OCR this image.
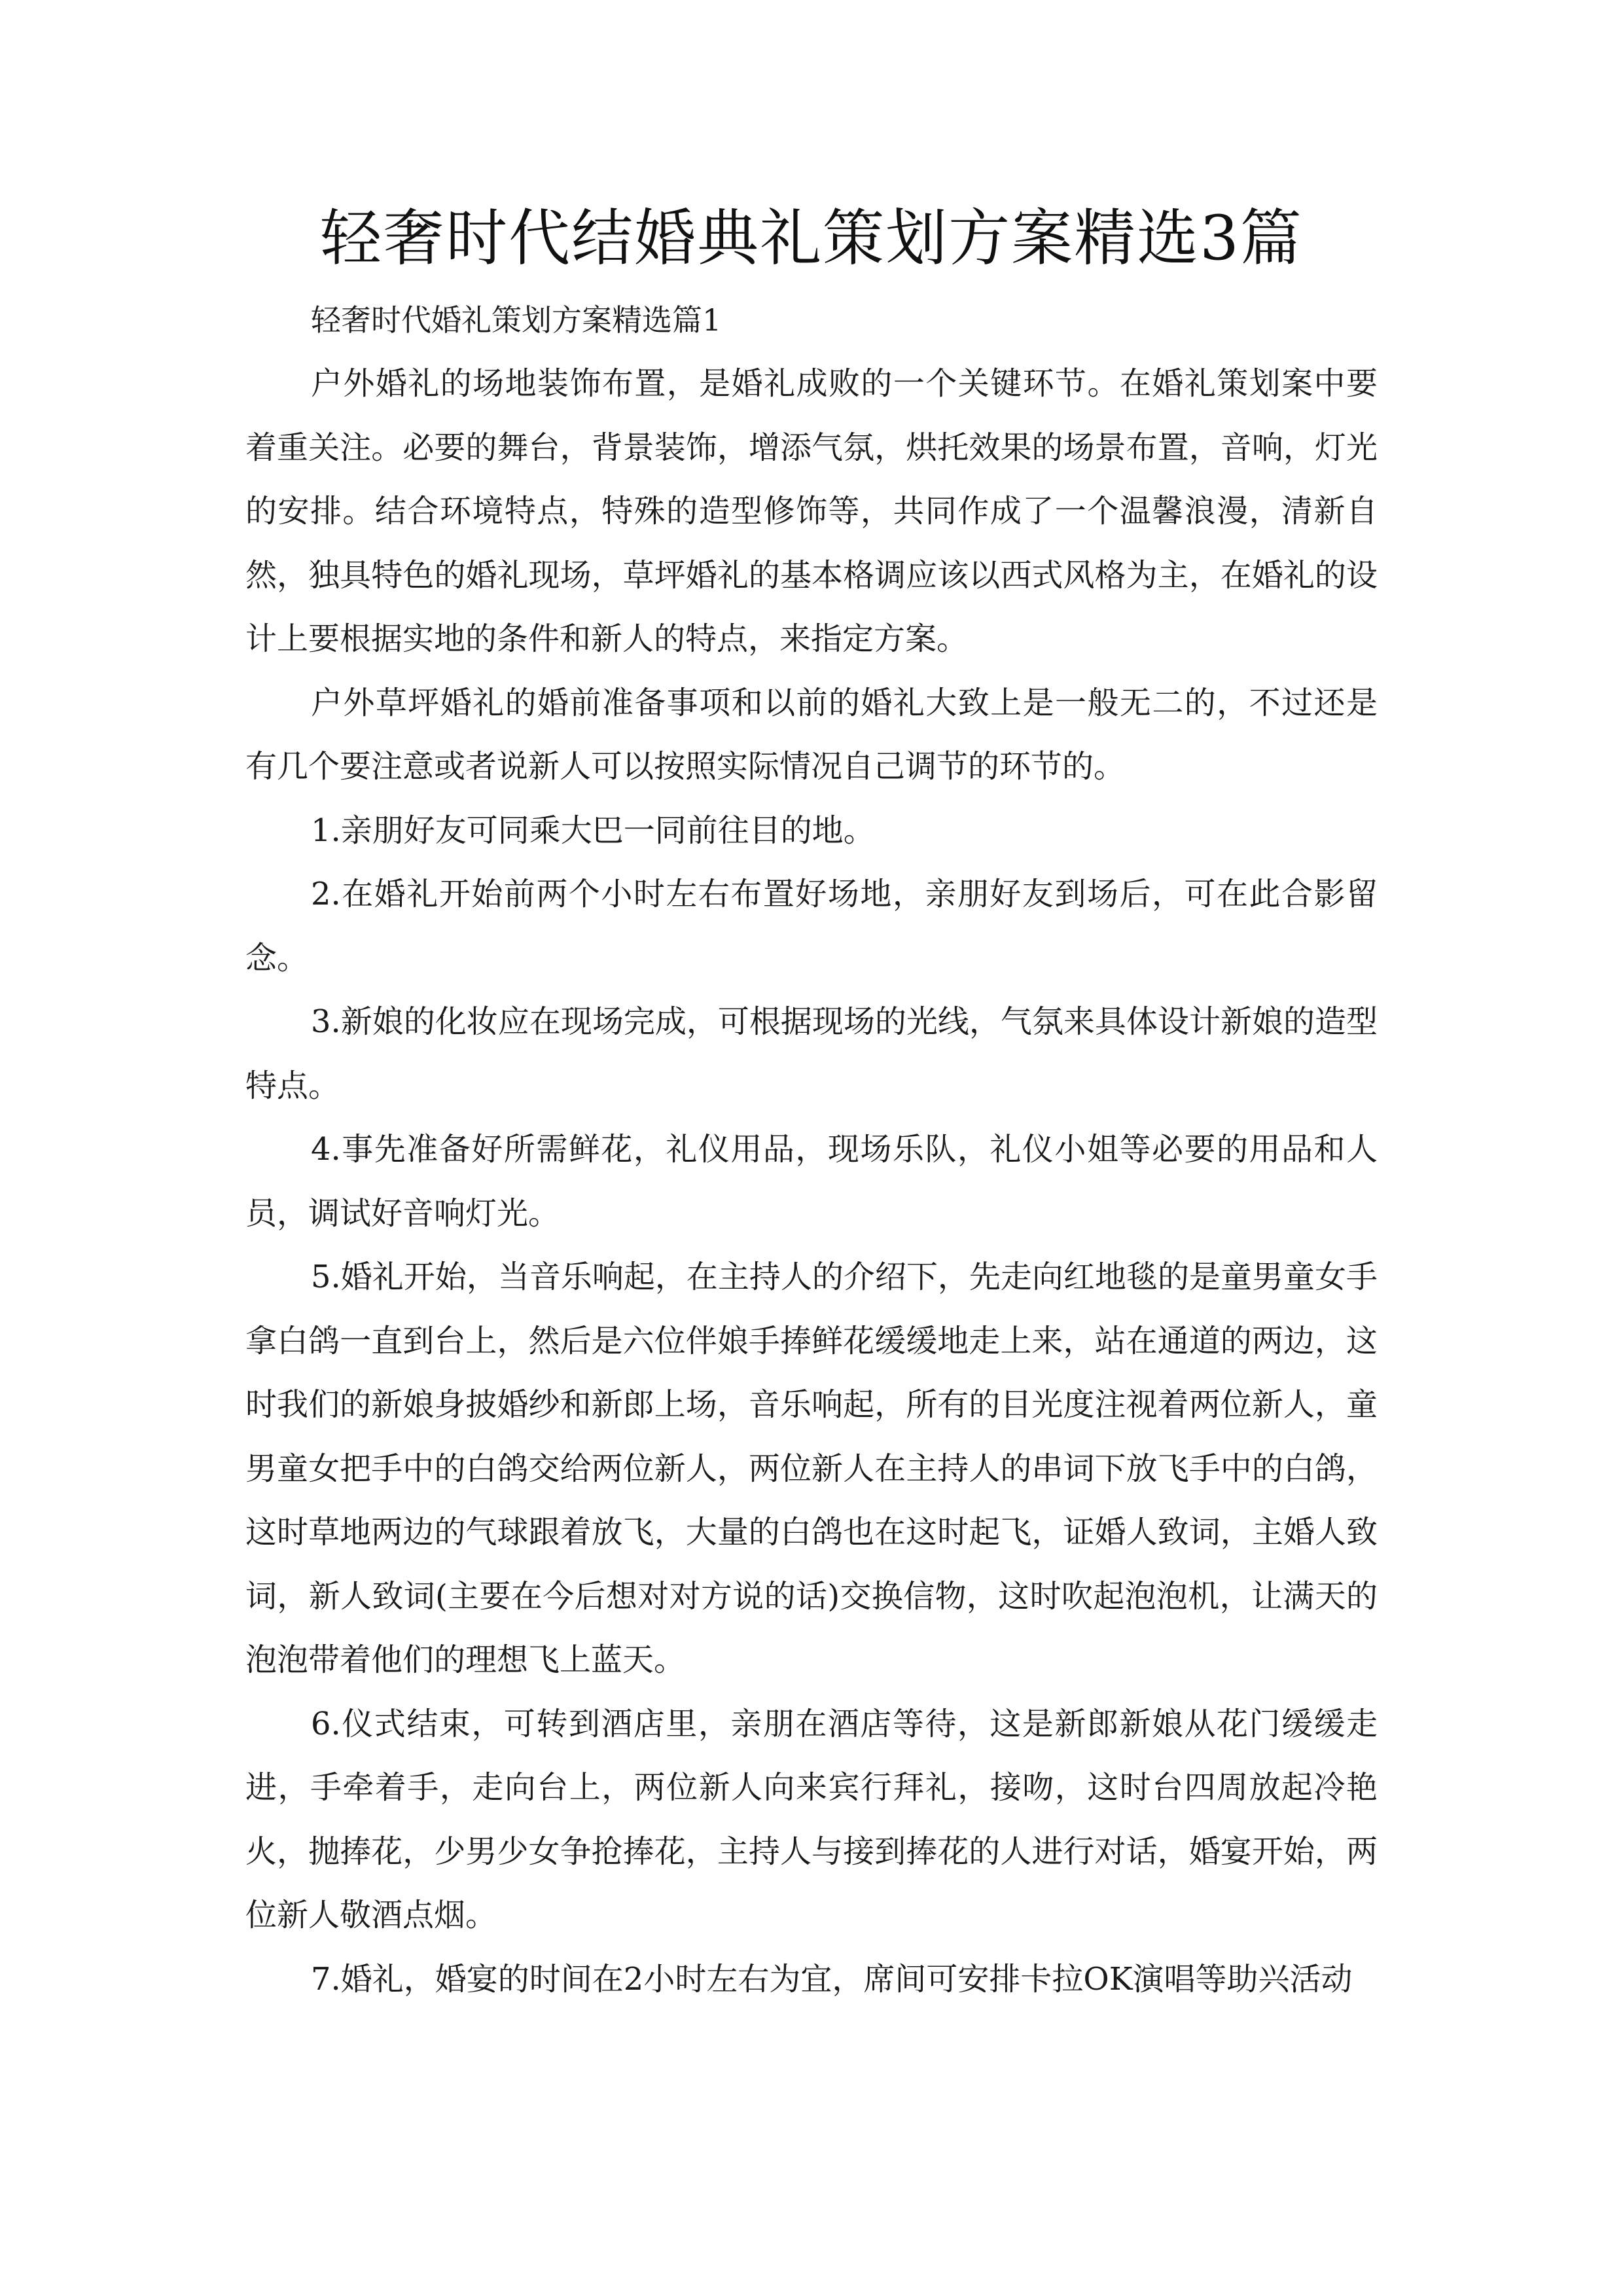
轻奢时代结婚典礼策划方案精选3篇
轻奢时代婚礼策划方案精选篇1

户外婚礼的场地装饰布置，是婚礼成败的一个关键环节。在婚礼策划案中要着重关注。必要的舞台，背景装饰，增添气氛，烘托效果的场景布置，音响，灯光的安排。结合环境特点，特殊的造型修饰等，共同作成了一个温馨浪漫，清新自然，独具特色的婚礼现场，草坪婚礼的基本格调应该以西式风格为主，在婚礼的设计上要根据实地的条件和新人的特点，来指定方案。

户外草坪婚礼的婚前准备事项和以前的婚礼大致上是一般无二的，不过还是有几个要注意或者说新人可以按照实际情况自己调节的环节的。

1.亲朋好友可同乘大巴一同前往目的地。

2.在婚礼开始前两个小时左右布置好场地，亲朋好友到场后，可在此合影留念。

3.新娘的化妆应在现场完成，可根据现场的光线，气氛来具体设计新娘的造型特点。

4.事先准备好所需鲜花，礼仪用品，现场乐队，礼仪小姐等必要的用品和人员，调试好音响灯光。

5.婚礼开始，当音乐响起，在主持人的介绍下，先走向红地毯的是童男童女手拿白鸽一直到台上，然后是六位伴娘手捧鲜花缓缓地走上来，站在通道的两边，这时我们的新娘身披婚纱和新郎上场，音乐响起，所有的目光度注视着两位新人，童男童女把手中的白鸽交给两位新人，两位新人在主持人的串词下放飞手中的白鸽，这时草地两边的气球跟着放飞，大量的白鸽也在这时起飞，证婚人致词，主婚人致词，新人致词(主要在今后想对对方说的话)交换信物，这时吹起泡泡机，让满天的泡泡带着他们的理想飞上蓝天。

6.仪式结束，可转到酒店里，亲朋在酒店等待，这是新郎新娘从花门缓缓走进，手牵着手，走向台上，两位新人向来宾行拜礼，接吻，这时台四周放起冷艳火，抛捧花，少男少女争抢捧花，主持人与接到捧花的人进行对话，婚宴开始，两位新人敬酒点烟。

7.婚礼，婚宴的时间在2小时左右为宜，席间可安排卡拉OK演唱等助兴活动
